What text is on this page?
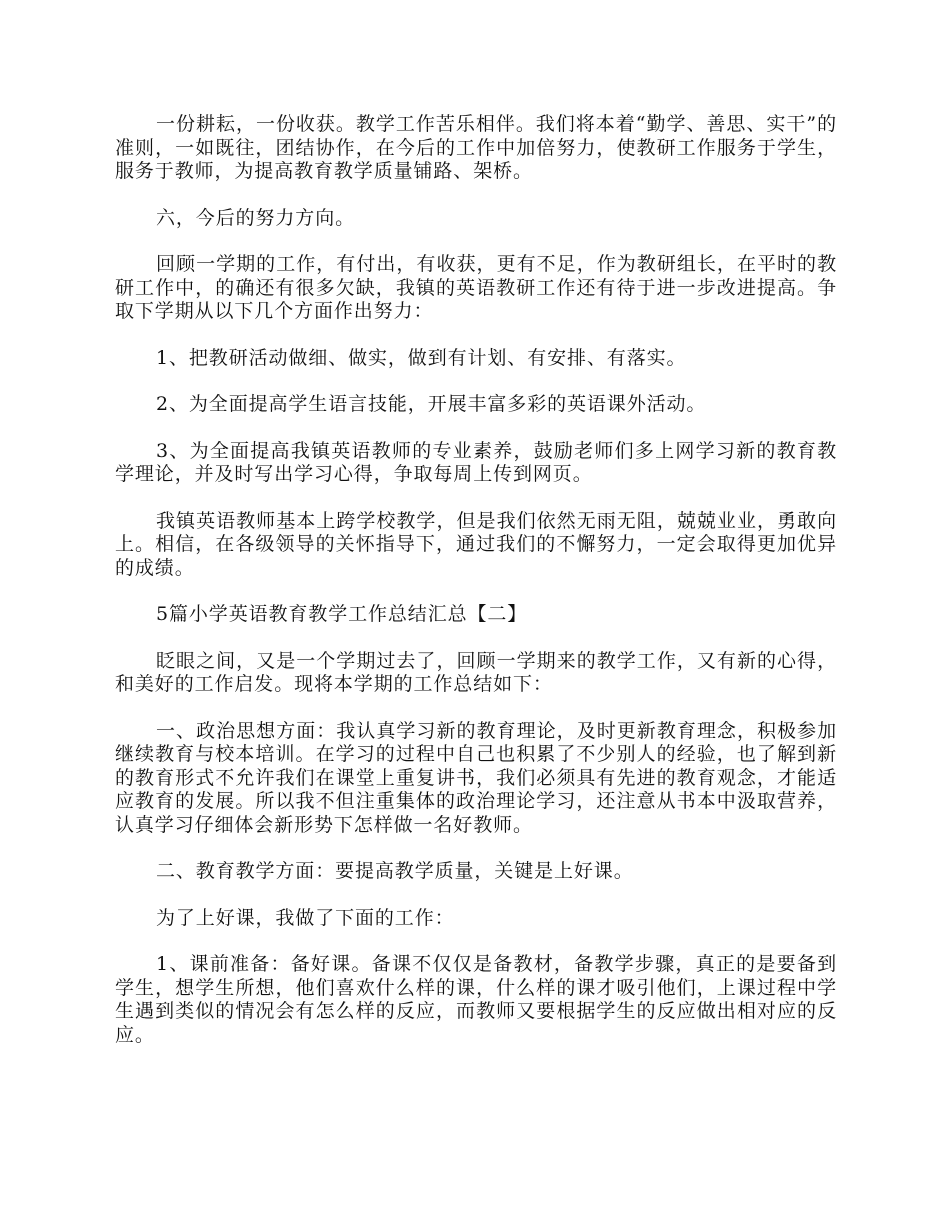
一份耕耘，一份收获。教学工作苦乐相伴。我们将本着“勤学、善思、实干”的准则，一如既往，团结协作，在今后的工作中加倍努力，使教研工作服务于学生，服务于教师，为提高教育教学质量铺路、架桥。

六，今后的努力方向。

回顾一学期的工作，有付出，有收获，更有不足，作为教研组长，在平时的教研工作中，的确还有很多欠缺，我镇的英语教研工作还有待于进一步改进提高。争取下学期从以下几个方面作出努力：

1、把教研活动做细、做实，做到有计划、有安排、有落实。

2、为全面提高学生语言技能，开展丰富多彩的英语课外活动。

3、为全面提高我镇英语教师的专业素养，鼓励老师们多上网学习新的教育教学理论，并及时写出学习心得，争取每周上传到网页。

我镇英语教师基本上跨学校教学，但是我们依然无雨无阻，兢兢业业，勇敢向上。相信，在各级领导的关怀指导下，通过我们的不懈努力，一定会取得更加优异的成绩。

5篇小学英语教育教学工作总结汇总【二】

眨眼之间，又是一个学期过去了，回顾一学期来的教学工作，又有新的心得，和美好的工作启发。现将本学期的工作总结如下：

一、政治思想方面：我认真学习新的教育理论，及时更新教育理念，积极参加继续教育与校本培训。在学习的过程中自己也积累了不少别人的经验，也了解到新的教育形式不允许我们在课堂上重复讲书，我们必须具有先进的教育观念，才能适应教育的发展。所以我不但注重集体的政治理论学习，还注意从书本中汲取营养，认真学习仔细体会新形势下怎样做一名好教师。

二、教育教学方面：要提高教学质量，关键是上好课。

为了上好课，我做了下面的工作：

1、课前准备：备好课。备课不仅仅是备教材，备教学步骤，真正的是要备到学生，想学生所想，他们喜欢什么样的课，什么样的课才吸引他们，上课过程中学生遇到类似的情况会有怎么样的反应，而教师又要根据学生的反应做出相对应的反应。
